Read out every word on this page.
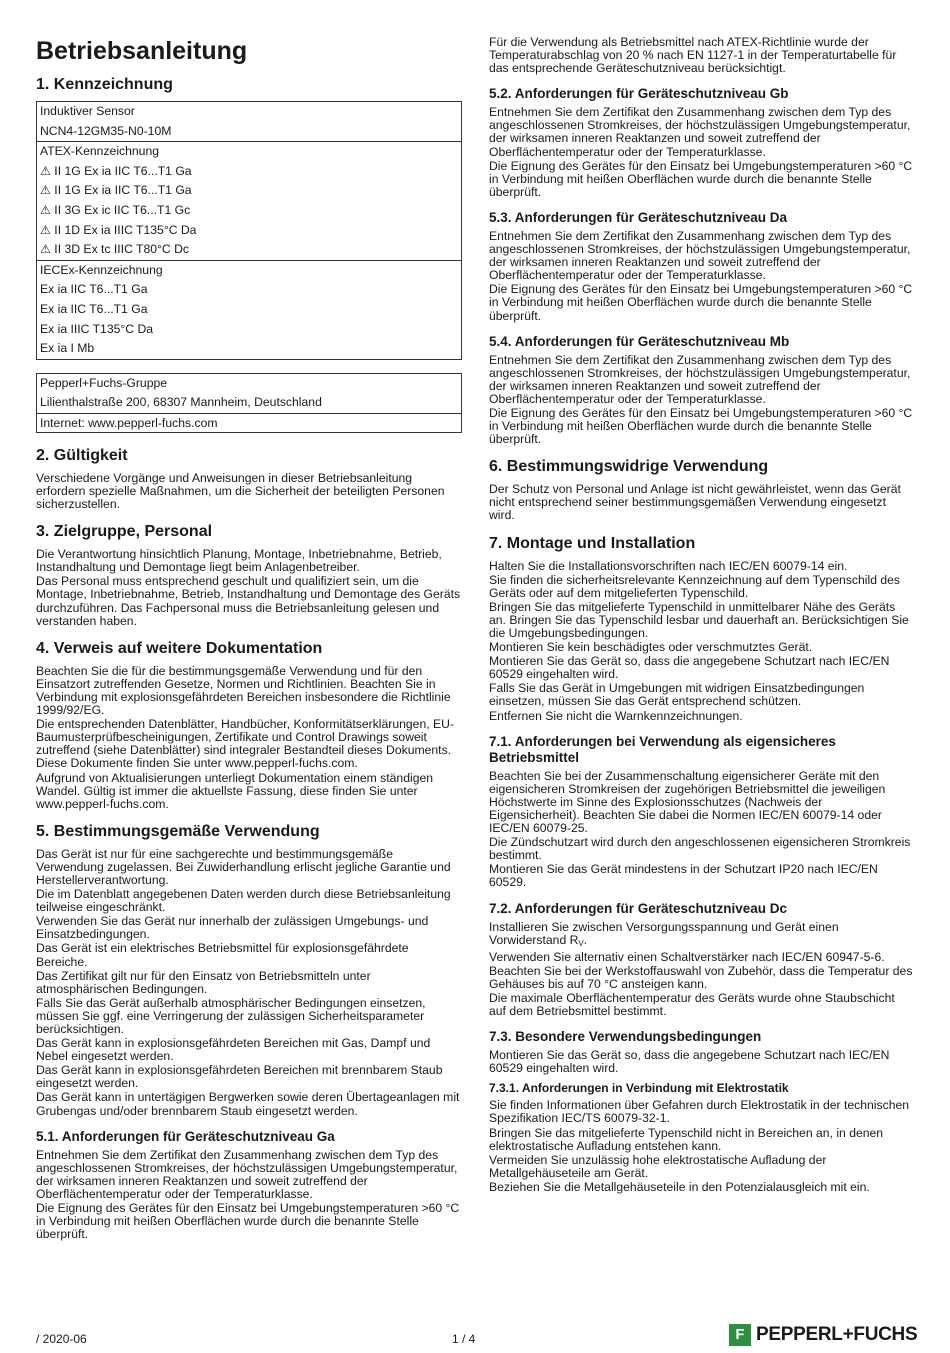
Betriebsanleitung
1. Kennzeichnung
Induktiver Sensor
NCN4-12GM35-N0-10M
ATEX-Kennzeichnung
⚠ II 1G Ex ia IIC T6...T1 Ga
⚠ II 1G Ex ia IIC T6...T1 Ga
⚠ II 3G Ex ic IIC T6...T1 Gc
⚠ II 1D Ex ia IIIC T135°C Da
⚠ II 3D Ex tc IIIC T80°C Dc
IECEx-Kennzeichnung
Ex ia IIC T6...T1 Ga
Ex ia IIC T6...T1 Ga
Ex ia IIIC T135°C Da
Ex ia I Mb
Pepperl+Fuchs-Gruppe
Lilienthalstraße 200, 68307 Mannheim, Deutschland
Internet: www.pepperl-fuchs.com
2. Gültigkeit

Verschiedene Vorgänge und Anweisungen in dieser Betriebsanleitung erfordern spezielle Maßnahmen, um die Sicherheit der beteiligten Personen sicherzustellen.

3. Zielgruppe, Personal

Die Verantwortung hinsichtlich Planung, Montage, Inbetriebnahme, Betrieb, Instandhaltung und Demontage liegt beim Anlagenbetreiber.

Das Personal muss entsprechend geschult und qualifiziert sein, um die Montage, Inbetriebnahme, Betrieb, Instandhaltung und Demontage des Geräts durchzuführen. Das Fachpersonal muss die Betriebsanleitung gelesen und verstanden haben.

4. Verweis auf weitere Dokumentation

Beachten Sie die für die bestimmungsgemäße Verwendung und für den Einsatzort zutreffenden Gesetze, Normen und Richtlinien. Beachten Sie in Verbindung mit explosionsgefährdeten Bereichen insbesondere die Richtlinie 1999/92/EG.

Die entsprechenden Datenblätter, Handbücher, Konformitätserklärungen, EU-Baumusterprüfbescheinigungen, Zertifikate und Control Drawings soweit zutreffend (siehe Datenblätter) sind integraler Bestandteil dieses Dokuments. Diese Dokumente finden Sie unter www.pepperl-fuchs.com.

Aufgrund von Aktualisierungen unterliegt Dokumentation einem ständigen Wandel. Gültig ist immer die aktuellste Fassung, diese finden Sie unter www.pepperl-fuchs.com.

5. Bestimmungsgemäße Verwendung

Das Gerät ist nur für eine sachgerechte und bestimmungsgemäße Verwendung zugelassen. Bei Zuwiderhandlung erlischt jegliche Garantie und Herstellerverantwortung.

Die im Datenblatt angegebenen Daten werden durch diese Betriebsanleitung teilweise eingeschränkt.

Verwenden Sie das Gerät nur innerhalb der zulässigen Umgebungs- und Einsatzbedingungen.

Das Gerät ist ein elektrisches Betriebsmittel für explosionsgefährdete Bereiche.

Das Zertifikat gilt nur für den Einsatz von Betriebsmitteln unter atmosphärischen Bedingungen.

Falls Sie das Gerät außerhalb atmosphärischer Bedingungen einsetzen, müssen Sie ggf. eine Verringerung der zulässigen Sicherheitsparameter berücksichtigen.

Das Gerät kann in explosionsgefährdeten Bereichen mit Gas, Dampf und Nebel eingesetzt werden.

Das Gerät kann in explosionsgefährdeten Bereichen mit brennbarem Staub eingesetzt werden.

Das Gerät kann in untertägigen Bergwerken sowie deren Übertageanlagen mit Grubengas und/oder brennbarem Staub eingesetzt werden.

5.1. Anforderungen für Geräteschutzniveau Ga

Entnehmen Sie dem Zertifikat den Zusammenhang zwischen dem Typ des angeschlossenen Stromkreises, der höchstzulässigen Umgebungstemperatur, der wirksamen inneren Reaktanzen und soweit zutreffend der Oberflächentemperatur oder der Temperaturklasse.

Die Eignung des Gerätes für den Einsatz bei Umgebungstemperaturen >60 °C in Verbindung mit heißen Oberflächen wurde durch die benannte Stelle überprüft.

Für die Verwendung als Betriebsmittel nach ATEX-Richtlinie wurde der Temperaturabschlag von 20 % nach EN 1127-1 in der Temperaturtabelle für das entsprechende Geräteschutzniveau berücksichtigt.

5.2. Anforderungen für Geräteschutzniveau Gb

Entnehmen Sie dem Zertifikat den Zusammenhang zwischen dem Typ des angeschlossenen Stromkreises, der höchstzulässigen Umgebungstemperatur, der wirksamen inneren Reaktanzen und soweit zutreffend der Oberflächentemperatur oder der Temperaturklasse.

Die Eignung des Gerätes für den Einsatz bei Umgebungstemperaturen >60 °C in Verbindung mit heißen Oberflächen wurde durch die benannte Stelle überprüft.

5.3. Anforderungen für Geräteschutzniveau Da

Entnehmen Sie dem Zertifikat den Zusammenhang zwischen dem Typ des angeschlossenen Stromkreises, der höchstzulässigen Umgebungstemperatur, der wirksamen inneren Reaktanzen und soweit zutreffend der Oberflächentemperatur oder der Temperaturklasse.

Die Eignung des Gerätes für den Einsatz bei Umgebungstemperaturen >60 °C in Verbindung mit heißen Oberflächen wurde durch die benannte Stelle überprüft.

5.4. Anforderungen für Geräteschutzniveau Mb

Entnehmen Sie dem Zertifikat den Zusammenhang zwischen dem Typ des angeschlossenen Stromkreises, der höchstzulässigen Umgebungstemperatur, der wirksamen inneren Reaktanzen und soweit zutreffend der Oberflächentemperatur oder der Temperaturklasse.

Die Eignung des Gerätes für den Einsatz bei Umgebungstemperaturen >60 °C in Verbindung mit heißen Oberflächen wurde durch die benannte Stelle überprüft.

6. Bestimmungswidrige Verwendung

Der Schutz von Personal und Anlage ist nicht gewährleistet, wenn das Gerät nicht entsprechend seiner bestimmungsgemäßen Verwendung eingesetzt wird.

7. Montage und Installation

Halten Sie die Installationsvorschriften nach IEC/EN 60079-14 ein.

Sie finden die sicherheitsrelevante Kennzeichnung auf dem Typenschild des Geräts oder auf dem mitgelieferten Typenschild.

Bringen Sie das mitgelieferte Typenschild in unmittelbarer Nähe des Geräts an. Bringen Sie das Typenschild lesbar und dauerhaft an. Berücksichtigen Sie die Umgebungsbedingungen.

Montieren Sie kein beschädigtes oder verschmutztes Gerät.

Montieren Sie das Gerät so, dass die angegebene Schutzart nach IEC/EN 60529 eingehalten wird.

Falls Sie das Gerät in Umgebungen mit widrigen Einsatzbedingungen einsetzen, müssen Sie das Gerät entsprechend schützen.

Entfernen Sie nicht die Warnkennzeichnungen.

7.1. Anforderungen bei Verwendung als eigensicheres Betriebsmittel

Beachten Sie bei der Zusammenschaltung eigensicherer Geräte mit den eigensicheren Stromkreisen der zugehörigen Betriebsmittel die jeweiligen Höchstwerte im Sinne des Explosionsschutzes (Nachweis der Eigensicherheit). Beachten Sie dabei die Normen IEC/EN 60079-14 oder IEC/EN 60079-25.

Die Zündschutzart wird durch den angeschlossenen eigensicheren Stromkreis bestimmt.

Montieren Sie das Gerät mindestens in der Schutzart IP20 nach IEC/EN 60529.

7.2. Anforderungen für Geräteschutzniveau Dc

Installieren Sie zwischen Versorgungsspannung und Gerät einen Vorwiderstand $R_V$.

Verwenden Sie alternativ einen Schaltverstärker nach IEC/EN 60947-5-6.

Beachten Sie bei der Werkstoffauswahl von Zubehör, dass die Temperatur des Gehäuses bis auf 70 °C ansteigen kann.

Die maximale Oberflächentemperatur des Geräts wurde ohne Staubschicht auf dem Betriebsmittel bestimmt.

7.3. Besondere Verwendungsbedingungen

Montieren Sie das Gerät so, dass die angegebene Schutzart nach IEC/EN 60529 eingehalten wird.

7.3.1. Anforderungen in Verbindung mit Elektrostatik

Sie finden Informationen über Gefahren durch Elektrostatik in der technischen Spezifikation IEC/TS 60079-32-1.

Bringen Sie das mitgelieferte Typenschild nicht in Bereichen an, in denen elektrostatische Aufladung entstehen kann.

Vermeiden Sie unzulässig hohe elektrostatische Aufladung der Metallgehäuseteile am Gerät.

Beziehen Sie die Metallgehäuseteile in den Potenzialausgleich mit ein.

/ 2020-06	1 / 4	F PEPPERL+FUCHS
